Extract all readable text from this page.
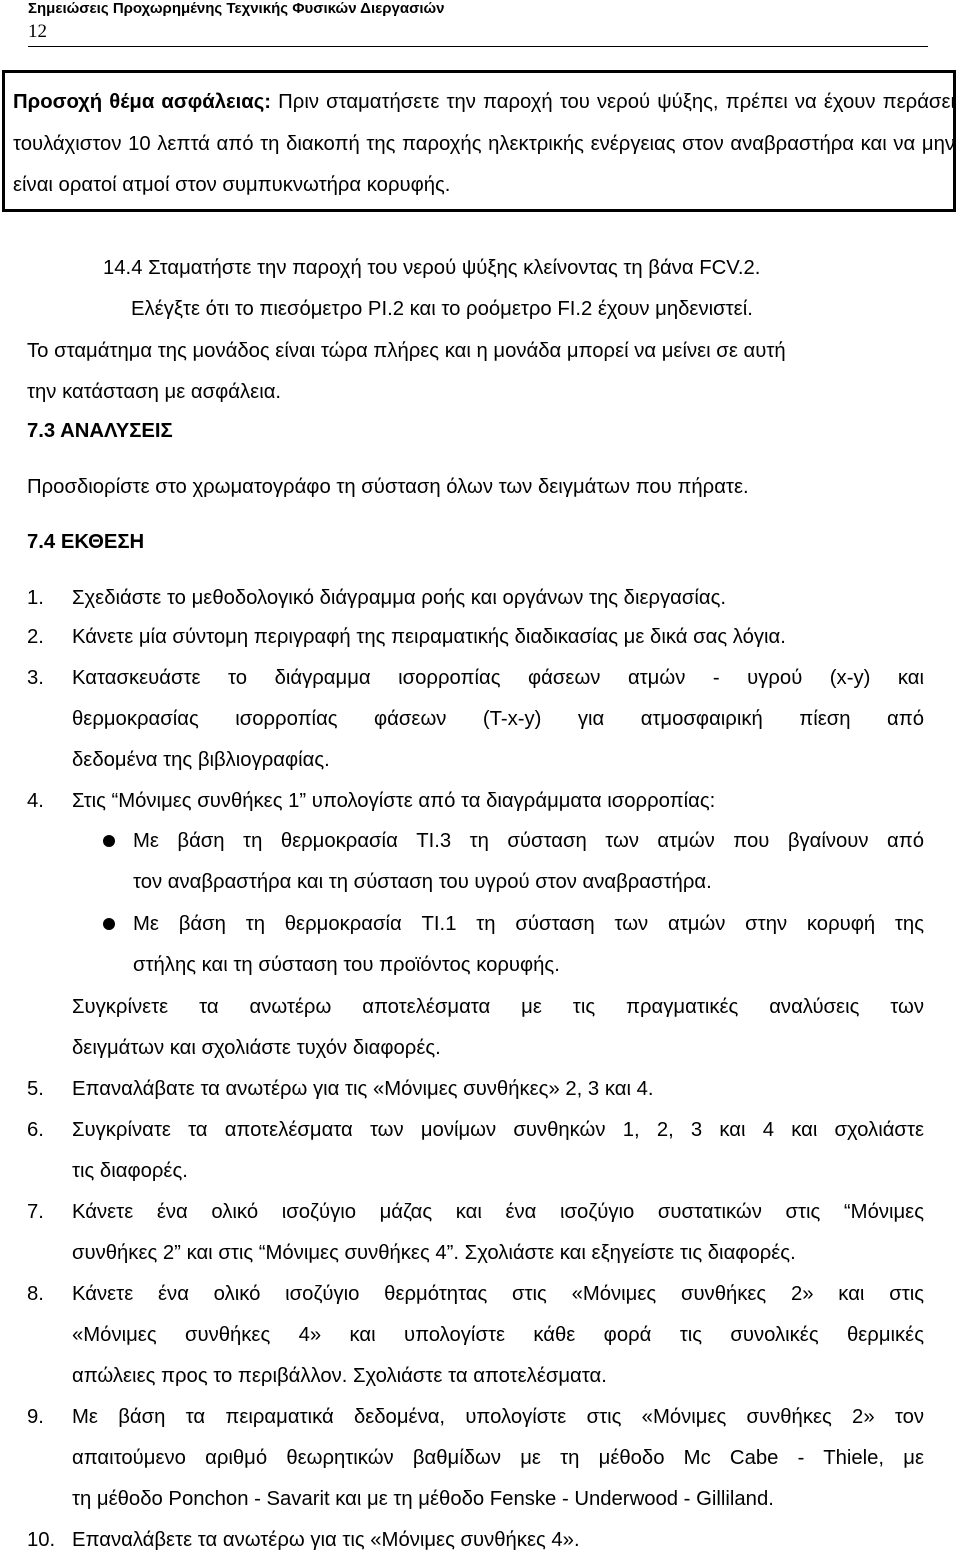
Σημειώσεις Προχωρημένης Τεχνικής Φυσικών Διεργασιών
12
Προσοχή θέμα ασφάλειας: Πριν σταματήσετε την παροχή του νερού ψύξης, πρέπει να έχουν περάσει τουλάχιστον 10 λεπτά από τη διακοπή της παροχής ηλεκτρικής ενέργειας στον αναβραστήρα και να μην είναι ορατοί ατμοί στον συμπυκνωτήρα κορυφής.
14.4 Σταματήστε την παροχή του νερού ψύξης κλείνοντας τη βάνα FCV.2.
Ελέγξτε ότι το πιεσόμετρο PI.2 και το ροόμετρο FI.2 έχουν μηδενιστεί.
Το σταμάτημα της μονάδος είναι τώρα πλήρες και η μονάδα μπορεί να μείνει σε αυτή
την κατάσταση με ασφάλεια.
7.3 ΑΝΑΛΥΣΕΙΣ
Προσδιορίστε στο χρωματογράφο τη σύσταση όλων των δειγμάτων που πήρατε.
7.4 ΕΚΘΕΣΗ
1. Σχεδιάστε το μεθοδολογικό διάγραμμα ροής και οργάνων της διεργασίας.
2. Κάνετε μία σύντομη περιγραφή της πειραματικής διαδικασίας με δικά σας λόγια.
3. Κατασκευάστε το διάγραμμα ισορροπίας φάσεων ατμών - υγρού (x-y) και
θερμοκρασίας ισορροπίας φάσεων (T-x-y) για ατμοσφαιρική πίεση από
δεδομένα της βιβλιογραφίας.
4. Στις “Μόνιμες συνθήκες 1” υπολογίστε από τα διαγράμματα ισορροπίας:
Με βάση τη θερμοκρασία TI.3 τη σύσταση των ατμών που βγαίνουν από
τον αναβραστήρα και τη σύσταση του υγρού στον αναβραστήρα.
Με βάση τη θερμοκρασία TI.1 τη σύσταση των ατμών στην κορυφή της
στήλης και τη σύσταση του προϊόντος κορυφής.
Συγκρίνετε τα ανωτέρω αποτελέσματα με τις πραγματικές αναλύσεις των
δειγμάτων και σχολιάστε τυχόν διαφορές.
5. Επαναλάβατε τα ανωτέρω για τις «Μόνιμες συνθήκες» 2, 3 και 4.
6. Συγκρίνατε τα αποτελέσματα των μονίμων συνθηκών 1, 2, 3 και 4 και σχολιάστε
τις διαφορές.
7. Κάνετε ένα ολικό ισοζύγιο μάζας και ένα ισοζύγιο συστατικών στις “Μόνιμες
συνθήκες 2” και στις “Μόνιμες συνθήκες 4”. Σχολιάστε και εξηγείστε τις διαφορές.
8. Κάνετε ένα ολικό ισοζύγιο θερμότητας στις «Μόνιμες συνθήκες 2» και στις
«Μόνιμες συνθήκες 4» και υπολογίστε κάθε φορά τις συνολικές θερμικές
απώλειες προς το περιβάλλον. Σχολιάστε τα αποτελέσματα.
9. Με βάση τα πειραματικά δεδομένα, υπολογίστε στις «Μόνιμες συνθήκες 2» τον
απαιτούμενο αριθμό θεωρητικών βαθμίδων με τη μέθοδο Mc Cabe - Thiele, με
τη μέθοδο Ponchon - Savarit και με τη μέθοδο Fenske - Underwood - Gilliland.
10. Επαναλάβετε τα ανωτέρω για τις «Μόνιμες συνθήκες 4».
